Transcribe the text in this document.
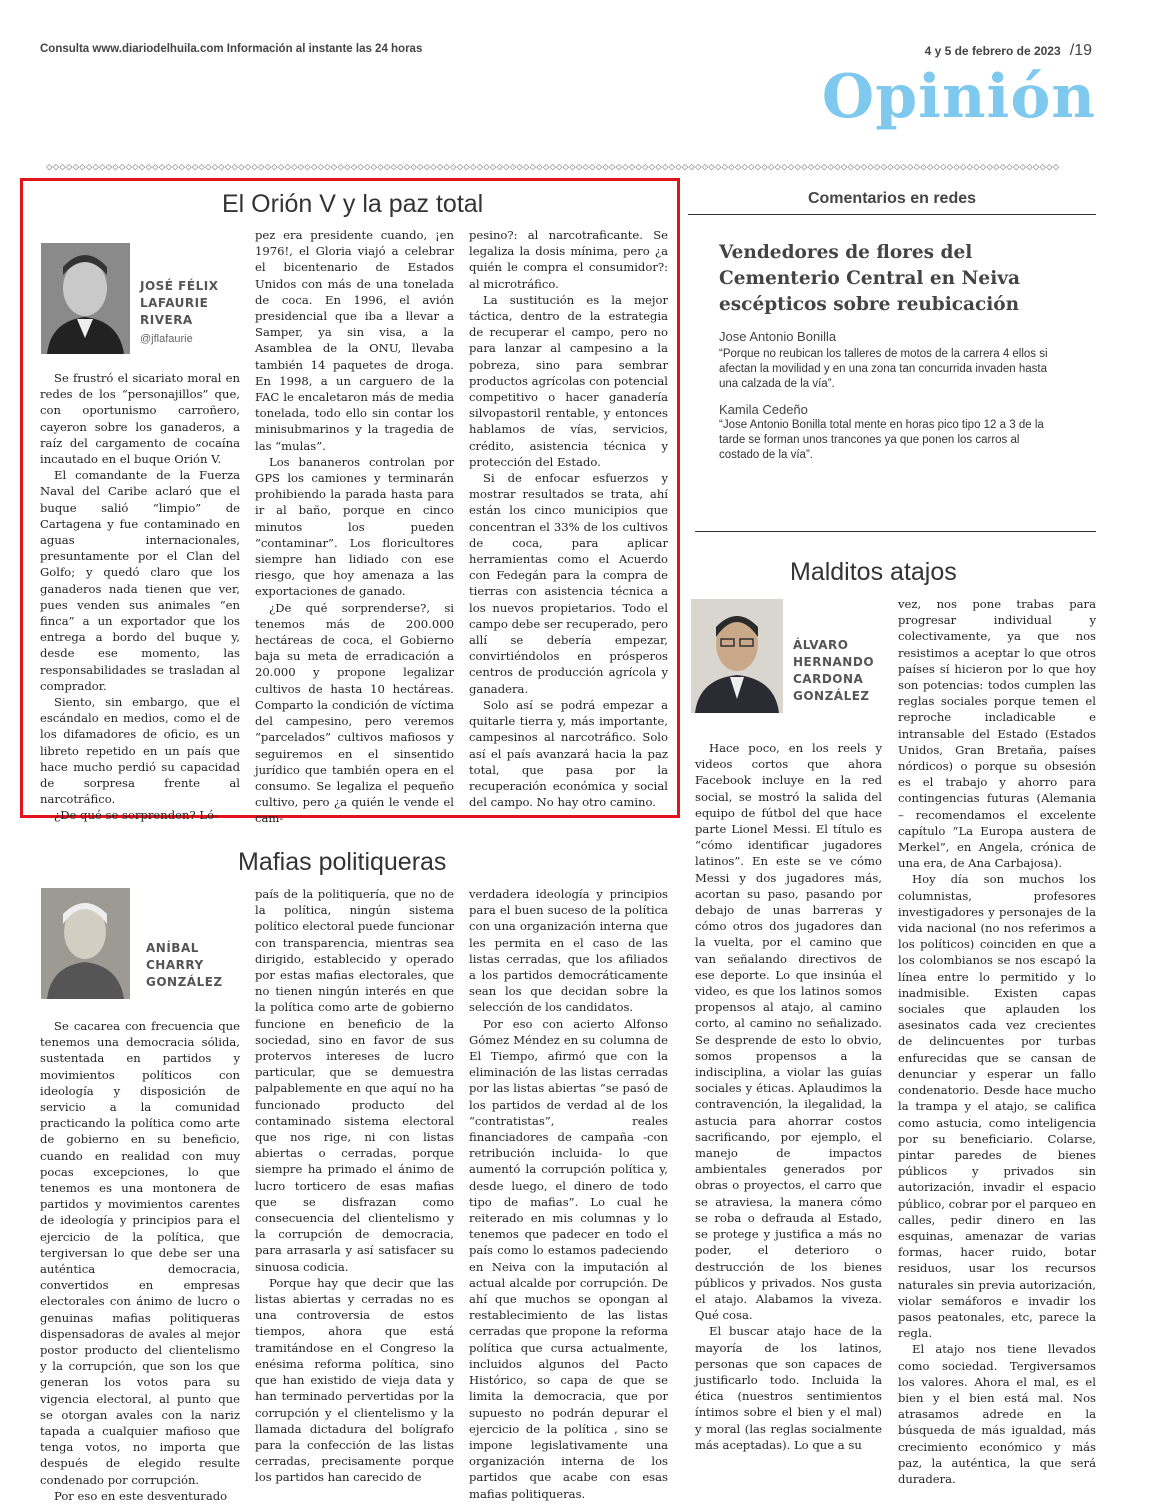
Consulta www.diariodelhuila.com Información al instante las 24 horas	4 y 5 de febrero de 2023 /19
Opinión
◇◇◇◇◇◇◇◇◇◇◇◇◇◇◇◇◇◇◇◇◇◇◇◇◇◇◇◇◇◇◇◇◇◇◇◇◇◇◇◇◇◇◇◇◇◇◇◇◇◇◇◇◇◇◇◇◇◇◇◇◇◇◇◇◇◇◇◇◇◇◇◇◇◇◇◇◇◇◇◇◇◇◇◇◇◇◇◇◇◇◇◇◇◇◇◇◇◇◇◇◇◇◇◇◇◇◇◇◇◇◇◇◇◇◇◇◇◇◇◇◇◇◇◇◇◇◇◇◇◇◇◇◇◇◇◇◇◇◇◇◇◇◇◇◇◇◇◇◇◇◇◇◇
El Orión V y la paz total
JOSÉ FÉLIX
LAFAURIE
RIVERA
@jflafaurie

Se frustró el sicariato moral en redes de los “personajillos” que, con oportunismo carroñero, cayeron sobre los ganaderos, a raíz del cargamento de cocaína incautado en el buque Orión V.

El comandante de la Fuerza Naval del Caribe aclaró que el buque salió “limpio” de Cartagena y fue contaminado en aguas internacionales, presuntamente por el Clan del Golfo; y quedó claro que los ganaderos nada tienen que ver, pues venden sus animales “en finca” a un exportador que los entrega a bordo del buque y, desde ese momento, las responsabilidades se trasladan al comprador.

Siento, sin embargo, que el escándalo en medios, como el de los difamadores de oficio, es un libreto repetido en un país que hace mucho perdió su capacidad de sorpresa frente al narcotráfico.

¿De qué se sorprenden? Ló-

pez era presidente cuando, ¡en 1976!, el Gloria viajó a celebrar el bicentenario de Estados Unidos con más de una tonelada de coca. En 1996, el avión presidencial que iba a llevar a Samper, ya sin visa, a la Asamblea de la ONU, llevaba también 14 paquetes de droga. En 1998, a un carguero de la FAC le encaletaron más de media tonelada, todo ello sin contar los minisubmarinos y la tragedia de las “mulas”.

Los bananeros controlan por GPS los camiones y terminarán prohibiendo la parada hasta para ir al baño, porque en cinco minutos los pueden “contaminar”. Los floricultores siempre han lidiado con ese riesgo, que hoy amenaza a las exportaciones de ganado.

¿De qué sorprenderse?, si tenemos más de 200.000 hectáreas de coca, el Gobierno baja su meta de erradicación a 20.000 y propone legalizar cultivos de hasta 10 hectáreas. Comparto la condición de víctima del campesino, pero veremos “parcelados” cultivos mafiosos y seguiremos en el sinsentido jurídico que también opera en el consumo. Se legaliza el pequeño cultivo, pero ¿a quién le vende el cam-

pesino?: al narcotraficante. Se legaliza la dosis mínima, pero ¿a quién le compra el consumidor?: al microtráfico.

La sustitución es la mejor táctica, dentro de la estrategia de recuperar el campo, pero no para lanzar al campesino a la pobreza, sino para sembrar productos agrícolas con potencial competitivo o hacer ganadería silvopastoril rentable, y entonces hablamos de vías, servicios, crédito, asistencia técnica y protección del Estado.

Si de enfocar esfuerzos y mostrar resultados se trata, ahí están los cinco municipios que concentran el 33% de los cultivos de coca, para aplicar herramientas como el Acuerdo con Fedegán para la compra de tierras con asistencia técnica a los nuevos propietarios. Todo el campo debe ser recuperado, pero allí se debería empezar, convirtiéndolos en prósperos centros de producción agrícola y ganadera.

Solo así se podrá empezar a quitarle tierra y, más importante, campesinos al narcotráfico. Solo así el país avanzará hacia la paz total, que pasa por la recuperación económica y social del campo. No hay otro camino.

Comentarios en redes
Vendedores de flores del Cementerio Central en Neiva escépticos sobre reubicación
Jose Antonio Bonilla
“Porque no reubican los talleres de motos de la carrera 4 ellos si afectan la movilidad y en una zona tan concurrida invaden hasta una calzada de la vía”.
Kamila Cedeño
“Jose Antonio Bonilla total mente en horas pico tipo 12 a 3 de la tarde se forman unos trancones ya que ponen los carros al costado de la vía”.
Malditos atajos
ÁLVARO
HERNANDO
CARDONA
GONZÁLEZ

Hace poco, en los reels y videos cortos que ahora Facebook incluye en la red social, se mostró la salida del equipo de fútbol del que hace parte Lionel Messi. El título es “cómo identificar jugadores latinos”. En este se ve cómo Messi y dos jugadores más, acortan su paso, pasando por debajo de unas barreras y cómo otros dos jugadores dan la vuelta, por el camino que van señalando directivos de ese deporte. Lo que insinúa el video, es que los latinos somos propensos al atajo, al camino corto, al camino no señalizado. Se desprende de esto lo obvio, somos propensos a la indisciplina, a violar las guías sociales y éticas. Aplaudimos la contravención, la ilegalidad, la astucia para ahorrar costos sacrificando, por ejemplo, el manejo de impactos ambientales generados por obras o proyectos, el carro que se atraviesa, la manera cómo se roba o defrauda al Estado, se protege y justifica a más no poder, el deterioro o destrucción de los bienes públicos y privados. Nos gusta el atajo. Alabamos la viveza. Qué cosa.

El buscar atajo hace de la mayoría de los latinos, personas que son capaces de justificarlo todo. Incluida la ética (nuestros sentimientos íntimos sobre el bien y el mal) y moral (las reglas socialmente más aceptadas). Lo que a su

vez, nos pone trabas para progresar individual y colectivamente, ya que nos resistimos a aceptar lo que otros países sí hicieron por lo que hoy son potencias: todos cumplen las reglas sociales porque temen el reproche incladicable e intransable del Estado (Estados Unidos, Gran Bretaña, países nórdicos) o porque su obsesión es el trabajo y ahorro para contingencias futuras (Alemania – recomendamos el excelente capítulo “La Europa austera de Merkel”, en Angela, crónica de una era, de Ana Carbajosa).

Hoy día son muchos los columnistas, profesores investigadores y personajes de la vida nacional (no nos referimos a los políticos) coinciden en que a los colombianos se nos escapó la línea entre lo permitido y lo inadmisible. Existen capas sociales que aplauden los asesinatos cada vez crecientes de delincuentes por turbas enfurecidas que se cansan de denunciar y esperar un fallo condenatorio. Desde hace mucho la trampa y el atajo, se califica como astucia, como inteligencia por su beneficiario. Colarse, pintar paredes de bienes públicos y privados sin autorización, invadir el espacio público, cobrar por el parqueo en calles, pedir dinero en las esquinas, amenazar de varias formas, hacer ruido, botar residuos, usar los recursos naturales sin previa autorización, violar semáforos e invadir los pasos peatonales, etc, parece la regla.

El atajo nos tiene llevados como sociedad. Tergiversamos los valores. Ahora el mal, es el bien y el bien está mal. Nos atrasamos adrede en la búsqueda de más igualdad, más crecimiento económico y más paz, la auténtica, la que será duradera.

Mafias politiqueras
ANÍBAL
CHARRY
GONZÁLEZ

Se cacarea con frecuencia que tenemos una democracia sólida, sustentada en partidos y movimientos políticos con ideología y disposición de servicio a la comunidad practicando la política como arte de gobierno en su beneficio, cuando en realidad con muy pocas excepciones, lo que tenemos es una montonera de partidos y movimientos carentes de ideología y principios para el ejercicio de la política, que tergiversan lo que debe ser una auténtica democracia, convertidos en empresas electorales con ánimo de lucro o genuinas mafias politiqueras dispensadoras de avales al mejor postor producto del clientelismo y la corrupción, que son los que generan los votos para su vigencia electoral, al punto que se otorgan avales con la nariz tapada a cualquier mafioso que tenga votos, no importa que después de elegido resulte condenado por corrupción.

Por eso en este desventurado

país de la politiquería, que no de la política, ningún sistema político electoral puede funcionar con transparencia, mientras sea dirigido, establecido y operado por estas mafias electorales, que no tienen ningún interés en que la política como arte de gobierno funcione en beneficio de la sociedad, sino en favor de sus protervos intereses de lucro particular, que se demuestra palpablemente en que aquí no ha funcionado producto del contaminado sistema electoral que nos rige, ni con listas abiertas o cerradas, porque siempre ha primado el ánimo de lucro torticero de esas mafias que se disfrazan como consecuencia del clientelismo y la corrupción de democracia, para arrasarla y así satisfacer su sinuosa codicia.

Porque hay que decir que las listas abiertas y cerradas no es una controversia de estos tiempos, ahora que está tramitándose en el Congreso la enésima reforma política, sino que han existido de vieja data y han terminado pervertidas por la corrupción y el clientelismo y la llamada dictadura del bolígrafo para la confección de las listas cerradas, precisamente porque los partidos han carecido de

verdadera ideología y principios para el buen suceso de la política con una organización interna que les permita en el caso de las listas cerradas, que los afiliados a los partidos democráticamente sean los que decidan sobre la selección de los candidatos.

Por eso con acierto Alfonso Gómez Méndez en su columna de El Tiempo, afirmó que con la eliminación de las listas cerradas por las listas abiertas “se pasó de los partidos de verdad al de los “contratistas”, reales financiadores de campaña -con retribución incluida- lo que aumentó la corrupción política y, desde luego, el dinero de todo tipo de mafias”. Lo cual he reiterado en mis columnas y lo tenemos que padecer en todo el país como lo estamos padeciendo en Neiva con la imputación al actual alcalde por corrupción. De ahí que muchos se opongan al restablecimiento de las listas cerradas que propone la reforma política que cursa actualmente, incluidos algunos del Pacto Histórico, so capa de que se limita la democracia, que por supuesto no podrán depurar el ejercicio de la política , sino se impone legislativamente una organización interna de los partidos que acabe con esas mafias politiqueras.
